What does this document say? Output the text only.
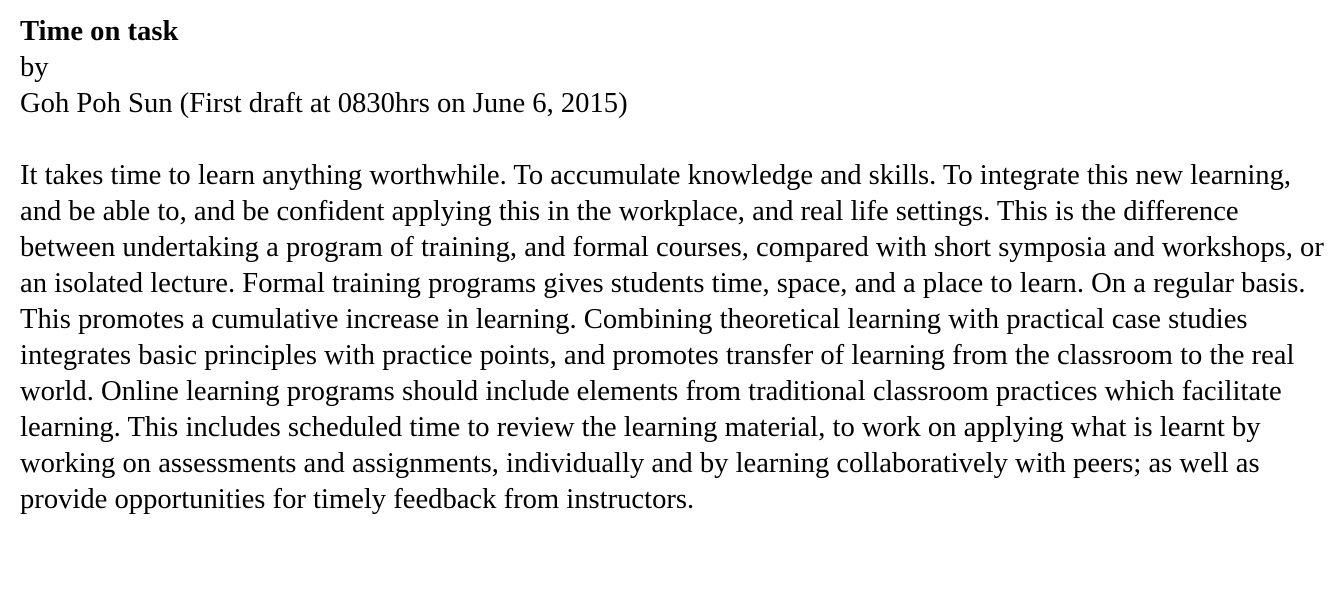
Time on task
by
Goh Poh Sun (First draft at 0830hrs on June 6, 2015)

It takes time to learn anything worthwhile. To accumulate knowledge and skills. To integrate this new learning, and be able to, and be confident applying this in the workplace, and real life settings. This is the difference between undertaking a program of training, and formal courses, compared with short symposia and workshops, or an isolated lecture. Formal training programs gives students time, space, and a place to learn. On a regular basis. This promotes a cumulative increase in learning. Combining theoretical learning with practical case studies integrates basic principles with practice points, and promotes transfer of learning from the classroom to the real world. Online learning programs should include elements from traditional classroom practices which facilitate learning. This includes scheduled time to review the learning material, to work on applying what is learnt by working on assessments and assignments, individually and by learning collaboratively with peers; as well as provide opportunities for timely feedback from instructors.
